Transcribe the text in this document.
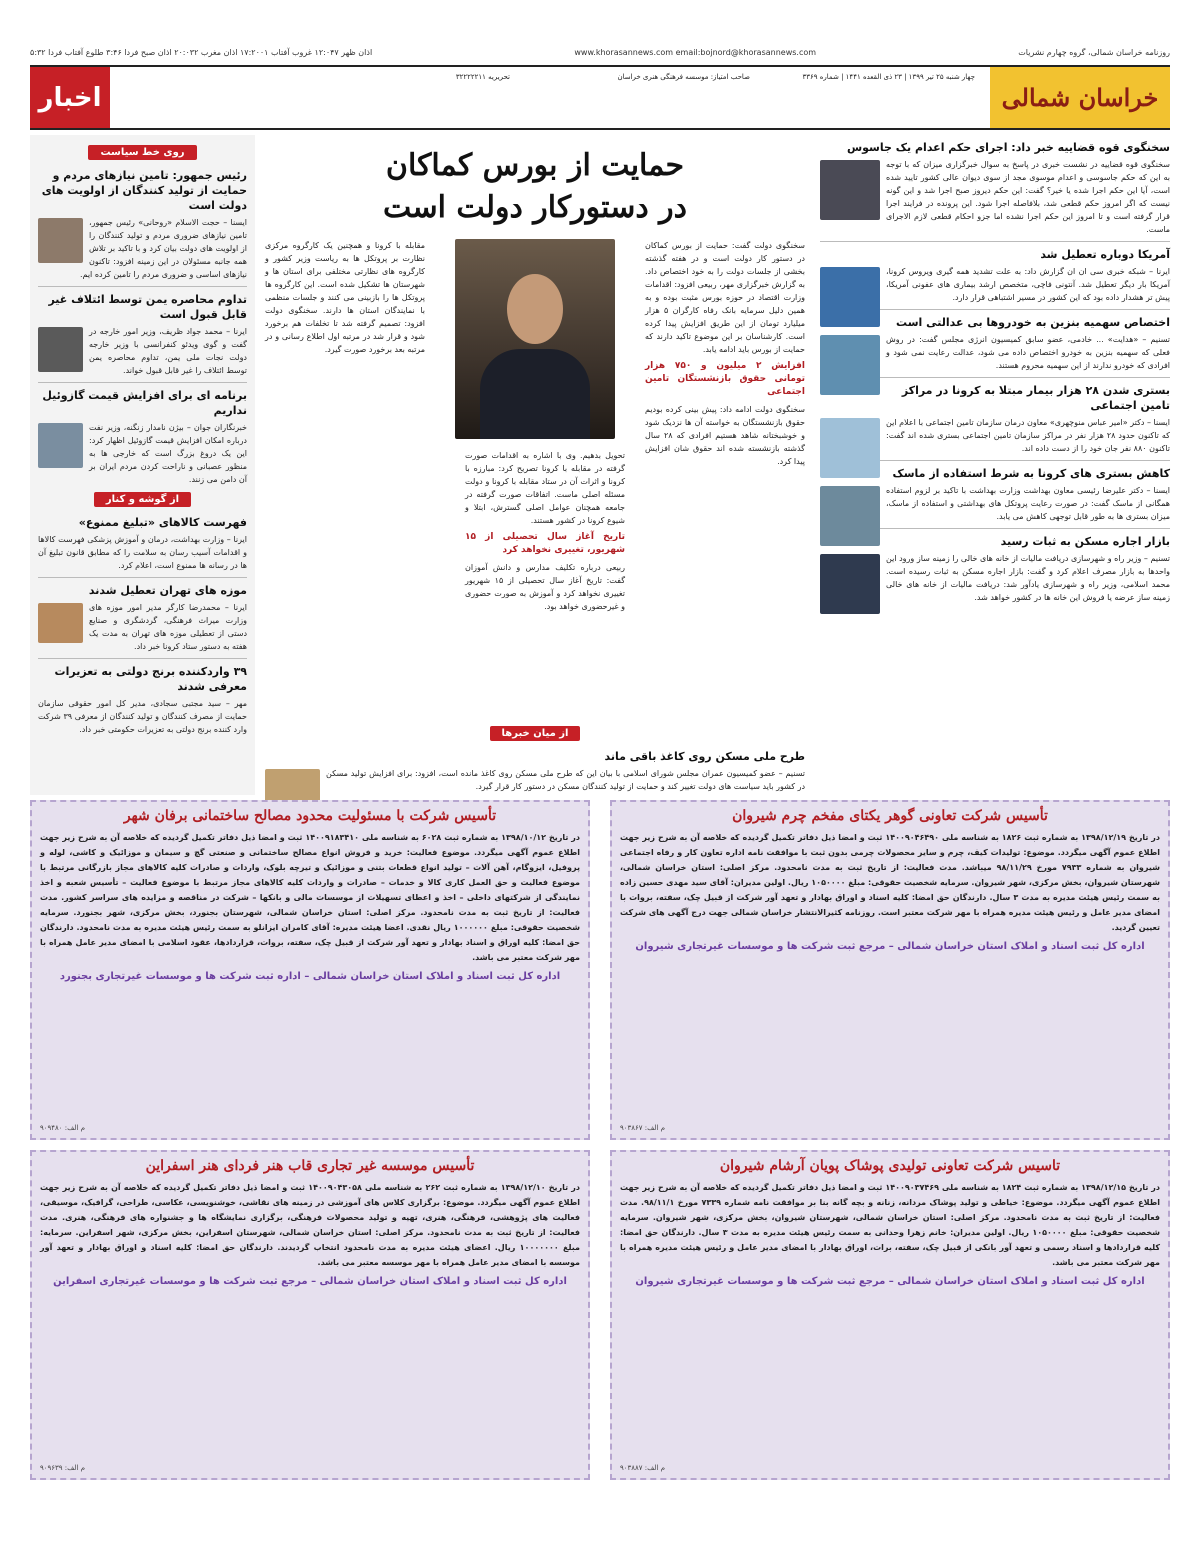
روزنامه خراسان شمالی، گروه چهارم نشریات
www.khorasannews.com email:bojnord@khorasannews.com
اذان ظهر ۱۲:۰۴۷ غروب آفتاب ۱۷:۲۰۰۱ اذان مغرب ۲۰:۰۳۲ اذان صبح فردا ۳:۴۶ طلوع آفتاب فردا ۵:۳۲
خراسان شمالی
چهار شنبه ۲۵ تیر ۱۳۹۹ | ۲۳ ذی القعده ۱۴۴۱ | شماره ۳۳۶۹
صاحب امتیاز: موسسه فرهنگی هنری خراسان
تحریریه ۳۲۲۲۲۲۱۱
اخبار
سخنگوی قوه قضاییه خبر داد: اجرای حکم اعدام یک جاسوس
سخنگوی قوه قضاییه در نشست خبری در پاسخ به سوال خبرگزاری میزان که با توجه به این که حکم جاسوسی و اعدام موسوی مجد از سوی دیوان عالی کشور تایید شده است، آیا این حکم اجرا شده یا خیر؟ گفت: این حکم دیروز صبح اجرا شد و این گونه نیست که اگر امروز حکم قطعی شد، بلافاصله اجرا شود. این پرونده در فرایند اجرا قرار گرفته است و تا امروز این حکم اجرا نشده اما جزو احکام قطعی لازم الاجرای ماست.
آمریکا دوباره تعطیل شد
ایرنا – شبکه خبری سی ان ان گزارش داد: به علت تشدید همه گیری ویروس کرونا، آمریکا بار دیگر تعطیل شد. آنتونی فاچی، متخصص ارشد بیماری های عفونی آمریکا، پیش تر هشدار داده بود که این کشور در مسیر اشتباهی قرار دارد.
اختصاص سهمیه بنزین به خودروها بی عدالتی است
تسنیم – «هدایت» ... خادمی، عضو سابق کمیسیون انرژی مجلس گفت: در روش فعلی که سهمیه بنزین به خودرو اختصاص داده می شود، عدالت رعایت نمی شود و افرادی که خودرو ندارند از این سهمیه محروم هستند.
بستری شدن ۲۸ هزار بیمار مبتلا به کرونا در مراکز تامین اجتماعی
ایسنا – دکتر «امیر عباس منوچهری» معاون درمان سازمان تامین اجتماعی با اعلام این که تاکنون حدود ۲۸ هزار نفر در مراکز سازمان تامین اجتماعی بستری شده اند گفت: تاکنون ۸۸۰ نفر جان خود را از دست داده اند.
کاهش بستری های کرونا به شرط استفاده از ماسک
ایسنا – دکتر علیرضا رئیسی معاون بهداشت وزارت بهداشت با تاکید بر لزوم استفاده همگانی از ماسک گفت: در صورت رعایت پروتکل های بهداشتی و استفاده از ماسک، میزان بستری ها به طور قابل توجهی کاهش می یابد.
بازار اجاره مسکن به ثبات رسید
تسنیم – وزیر راه و شهرسازی دریافت مالیات از خانه های خالی را زمینه ساز ورود این واحدها به بازار مصرف اعلام کرد و گفت: بازار اجاره مسکن به ثبات رسیده است. محمد اسلامی، وزیر راه و شهرسازی یادآور شد: دریافت مالیات از خانه های خالی زمینه ساز عرضه یا فروش این خانه ها در کشور خواهد شد.
حمایت از بورس کماکان
در دستورکار دولت است
سخنگوی دولت گفت: حمایت از بورس کماکان در دستور کار دولت است و در هفته گذشته بخشی از جلسات دولت را به خود اختصاص داد. به گزارش خبرگزاری مهر، ربیعی افزود: اقدامات وزارت اقتصاد در حوزه بورس مثبت بوده و به همین دلیل سرمایه بانک رفاه کارگران ۵ هزار میلیارد تومان از این طریق افزایش پیدا کرده است. کارشناسان بر این موضوع تاکید دارند که حمایت از بورس باید ادامه یابد.
افزایش ۲ میلیون و ۷۵۰ هزار تومانی حقوق بازنشستگان تامین اجتماعی
سخنگوی دولت ادامه داد: پیش بینی کرده بودیم حقوق بازنشستگان به خواسته آن ها نزدیک شود و خوشبختانه شاهد هستیم افرادی که ۲۸ سال گذشته بازنشسته شده اند حقوق شان افزایش پیدا کرد.
تحویل بدهیم. وی با اشاره به اقدامات صورت گرفته در مقابله با کرونا تصریح کرد: مبارزه با کرونا و اثرات آن در ستاد مقابله با کرونا و دولت مسئله اصلی ماست. اتفاقات صورت گرفته در جامعه همچنان عوامل اصلی گسترش، ابتلا و شیوع کرونا در کشور هستند.
تاریخ آغاز سال تحصیلی از ۱۵ شهریور، تغییری نخواهد کرد
ربیعی درباره تکلیف مدارس و دانش آموزان گفت: تاریخ آغاز سال تحصیلی از ۱۵ شهریور تغییری نخواهد کرد و آموزش به صورت حضوری و غیرحضوری خواهد بود.
مقابله با کرونا و همچنین یک کارگروه مرکزی نظارت بر پروتکل ها به ریاست وزیر کشور و کارگروه های نظارتی مختلفی برای استان ها و شهرستان ها تشکیل شده است. این کارگروه ها پروتکل ها را بازبینی می کنند و جلسات منظمی با نمایندگان استان ها دارند. سخنگوی دولت افزود: تصمیم گرفته شد تا تخلفات هم برخورد شود و قرار شد در مرتبه اول اطلاع رسانی و در مرتبه بعد برخورد صورت گیرد.
از میان خبرها
طرح ملی مسکن روی کاغذ باقی ماند
تسنیم – عضو کمیسیون عمران مجلس شورای اسلامی با بیان این که طرح ملی مسکن روی کاغذ مانده است، افزود: برای افزایش تولید مسکن در کشور باید سیاست های دولت تغییر کند و حمایت از تولید کنندگان مسکن در دستور کار قرار گیرد.
روی خط سیاست
رئیس جمهور: تامین نیازهای مردم و حمایت از تولید کنندگان از اولویت های دولت است
ایسنا – حجت الاسلام «روحانی» رئیس جمهور، تامین نیازهای ضروری مردم و تولید کنندگان را از اولویت های دولت بیان کرد و با تاکید بر تلاش همه جانبه مسئولان در این زمینه افزود: تاکنون نیازهای اساسی و ضروری مردم را تامین کرده ایم.
تداوم محاصره یمن توسط ائتلاف غیر قابل قبول است
ایرنا – محمد جواد ظریف، وزیر امور خارجه در گفت و گوی ویدئو کنفرانسی با وزیر خارجه دولت نجات ملی یمن، تداوم محاصره یمن توسط ائتلاف را غیر قابل قبول خواند.
برنامه ای برای افزایش قیمت گازوئیل نداریم
خبرنگاران جوان – بیژن نامدار زنگنه، وزیر نفت درباره امکان افزایش قیمت گازوئیل اظهار کرد: این یک دروغ بزرگ است که خارجی ها به منظور عصبانی و ناراحت کردن مردم ایران بر آن دامن می زنند.
از گوشه و کنار
فهرست کالاهای «تبلیغ ممنوع»
ایرنا – وزارت بهداشت، درمان و آموزش پزشکی فهرست کالاها و اقدامات آسیب رسان به سلامت را که مطابق قانون تبلیغ آن ها در رسانه ها ممنوع است، اعلام کرد.
موزه های تهران تعطیل شدند
ایرنا – محمدرضا کارگر مدیر امور موزه های وزارت میراث فرهنگی، گردشگری و صنایع دستی از تعطیلی موزه های تهران به مدت یک هفته به دستور ستاد کرونا خبر داد.
۳۹ واردکننده برنج دولتی به تعزیرات معرفی شدند
مهر – سید مجتبی سجادی، مدیر کل امور حقوقی سازمان حمایت از مصرف کنندگان و تولید کنندگان از معرفی ۳۹ شرکت وارد کننده برنج دولتی به تعزیرات حکومتی خبر داد.
تأسیس شرکت تعاونی گوهر یکتای مفخم چرم شیروان
در تاریخ ۱۳۹۸/۱۲/۱۹ به شماره ثبت ۱۸۲۶ به شناسه ملی ۱۴۰۰۹۰۴۶۴۹۰ ثبت و امضا ذیل دفاتر تکمیل گردیده که خلاصه آن به شرح زیر جهت اطلاع عموم آگهی میگردد. موضوع: تولیدات کیف، چرم و سایر محصولات چرمی بدون ثبت با موافقت نامه اداره تعاون کار و رفاه اجتماعی شیروان به شماره ۷۹۳۳ مورخ ۹۸/۱۱/۲۹ میباشد. مدت فعالیت: از تاریخ ثبت به مدت نامحدود. مرکز اصلی: استان خراسان شمالی، شهرستان شیروان، بخش مرکزی، شهر شیروان. سرمایه شخصیت حقوقی: مبلغ ۱۰۵۰۰۰۰ ریال. اولین مدیران: آقای سید مهدی حسین زاده به سمت رئیس هیئت مدیره به مدت ۳ سال. دارندگان حق امضا: کلیه اسناد و اوراق بهادار و تعهد آور شرکت از قبیل چک، سفته، بروات با امضای مدیر عامل و رئیس هیئت مدیره همراه با مهر شرکت معتبر است. روزنامه کثیرالانتشار خراسان شمالی جهت درج آگهی های شرکت تعیین گردید.
اداره کل ثبت اسناد و املاک استان خراسان شمالی – مرجع ثبت شرکت ها و موسسات غیرتجاری شیروان
م الف: ۹۰۳۸۶۷
تأسیس شرکت با مسئولیت محدود مصالح ساختمانی برفان شهر
در تاریخ ۱۳۹۸/۱۰/۱۲ به شماره ثبت ۶۰۲۸ به شناسه ملی ۱۴۰۰۹۱۸۳۴۱۰ ثبت و امضا ذیل دفاتر تکمیل گردیده که خلاصه آن به شرح زیر جهت اطلاع عموم آگهی میگردد. موضوع فعالیت: خرید و فروش انواع مصالح ساختمانی و صنعتی گچ و سیمان و موزائیک و کاشی، لوله و پروفیل، ایزوگام، آهن آلات – تولید انواع قطعات بتنی و موزائیک و تیرچه بلوک، واردات و صادرات کلیه کالاهای مجاز بازرگانی مرتبط با موضوع فعالیت و حق العمل کاری کالا و خدمات – صادرات و واردات کلیه کالاهای مجاز مرتبط با موضوع فعالیت – تأسیس شعبه و اخذ نمایندگی از شرکتهای داخلی – اخذ و اعطای تسهیلات از موسسات مالی و بانکها – شرکت در مناقصه و مزایده های سراسر کشور. مدت فعالیت: از تاریخ ثبت به مدت نامحدود. مرکز اصلی: استان خراسان شمالی، شهرستان بجنورد، بخش مرکزی، شهر بجنورد. سرمایه شخصیت حقوقی: مبلغ ۱۰۰۰۰۰۰ ریال نقدی. اعضا هیئت مدیره: آقای کامران ایزانلو به سمت رئیس هیئت مدیره به مدت نامحدود. دارندگان حق امضا: کلیه اوراق و اسناد بهادار و تعهد آور شرکت از قبیل چک، سفته، بروات، قراردادها، عقود اسلامی با امضای مدیر عامل همراه با مهر شرکت معتبر می باشد.
اداره کل ثبت اسناد و املاک استان خراسان شمالی – اداره ثبت شرکت ها و موسسات غیرتجاری بجنورد
م الف: ۹۰۹۴۸۰
تاسیس شرکت تعاونی تولیدی پوشاک پویان آرشام شیروان
در تاریخ ۱۳۹۸/۱۲/۱۵ به شماره ثبت ۱۸۲۴ به شناسه ملی ۱۴۰۰۹۰۳۷۴۶۹ ثبت و امضا ذیل دفاتر تکمیل گردیده که خلاصه آن به شرح زیر جهت اطلاع عموم آگهی میگردد. موضوع: خیاطی و تولید پوشاک مردانه، زنانه و بچه گانه بنا بر موافقت نامه شماره ۷۳۳۹ مورخ ۹۸/۱۱/۱. مدت فعالیت: از تاریخ ثبت به مدت نامحدود. مرکز اصلی: استان خراسان شمالی، شهرستان شیروان، بخش مرکزی، شهر شیروان. سرمایه شخصیت حقوقی: مبلغ ۱۰۵۰۰۰۰ ریال. اولین مدیران: خانم زهرا وحدانی به سمت رئیس هیئت مدیره به مدت ۳ سال. دارندگان حق امضا: کلیه قراردادها و اسناد رسمی و تعهد آور بانکی از قبیل چک، سفته، برات، اوراق بهادار با امضای مدیر عامل و رئیس هیئت مدیره همراه با مهر شرکت معتبر می باشد.
اداره کل ثبت اسناد و املاک استان خراسان شمالی – مرجع ثبت شرکت ها و موسسات غیرتجاری شیروان
م الف: ۹۰۳۸۸۷
تأسیس موسسه غیر تجاری قاب هنر فردای هنر اسفراین
در تاریخ ۱۳۹۸/۱۲/۱۰ به شماره ثبت ۲۶۲ به شناسه ملی ۱۴۰۰۹۰۴۳۰۵۸ ثبت و امضا ذیل دفاتر تکمیل گردیده که خلاصه آن به شرح زیر جهت اطلاع عموم آگهی میگردد. موضوع: برگزاری کلاس های آموزشی در زمینه های نقاشی، خوشنویسی، عکاسی، طراحی، گرافیک، موسیقی، فعالیت های پژوهشی، فرهنگی، هنری، تهیه و تولید محصولات فرهنگی، برگزاری نمایشگاه ها و جشنواره های فرهنگی، هنری. مدت فعالیت: از تاریخ ثبت به مدت نامحدود. مرکز اصلی: استان خراسان شمالی، شهرستان اسفراین، بخش مرکزی، شهر اسفراین. سرمایه: مبلغ ۱۰۰۰۰۰۰۰ ریال. اعضای هیئت مدیره به مدت نامحدود انتخاب گردیدند. دارندگان حق امضا: کلیه اسناد و اوراق بهادار و تعهد آور موسسه با امضای مدیر عامل همراه با مهر موسسه معتبر می باشد.
اداره کل ثبت اسناد و املاک استان خراسان شمالی – مرجع ثبت شرکت ها و موسسات غیرتجاری اسفراین
م الف: ۹۰۹۶۳۹
